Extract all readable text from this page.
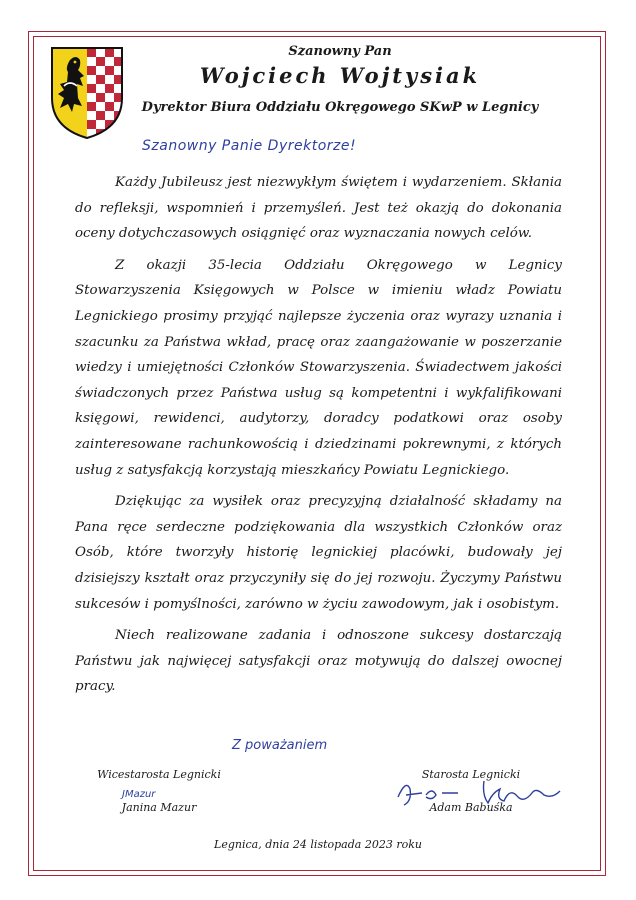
Szanowny Pan
Wojciech Wojtysiak
Dyrektor Biura Oddziału Okręgowego SKwP w Legnicy
Szanowny Panie Dyrektorze!

Każdy Jubileusz jest niezwykłym świętem i wydarzeniem. Skłania do refleksji, wspomnień i przemyśleń. Jest też okazją do dokonania oceny dotychczasowych osiągnięć oraz wyznaczania nowych celów.

Z okazji 35-lecia Oddziału Okręgowego w Legnicy Stowarzyszenia Księgowych w Polsce w imieniu władz Powiatu Legnickiego prosimy przyjąć najlepsze życzenia oraz wyrazy uznania i szacunku za Państwa wkład, pracę oraz zaangażowanie w poszerzanie wiedzy i umiejętności Członków Stowarzyszenia. Świadectwem jakości świadczonych przez Państwa usług są kompetentni i wykfalifikowani księgowi, rewidenci, audytorzy, doradcy podatkowi oraz osoby zainteresowane rachunkowością i dziedzinami pokrewnymi, z których usług z satysfakcją korzystają mieszkańcy Powiatu Legnickiego.

Dziękując za wysiłek oraz precyzyjną działalność składamy na Pana ręce serdeczne podziękowania dla wszystkich Członków oraz Osób, które tworzyły historię legnickiej placówki, budowały jej dzisiejszy kształt oraz przyczyniły się do jej rozwoju. Życzymy Państwu sukcesów i pomyślności, zarówno w życiu zawodowym, jak i osobistym.

Niech realizowane zadania i odnoszone sukcesy dostarczają Państwu jak najwięcej satysfakcji oraz motywują do dalszej owocnej pracy.

Z poważaniem
Wicestarosta Legnicki
Janina Mazur
JMazur
Starosta Legnicki
Adam Babuśka
Legnica, dnia 24 listopada 2023 roku
